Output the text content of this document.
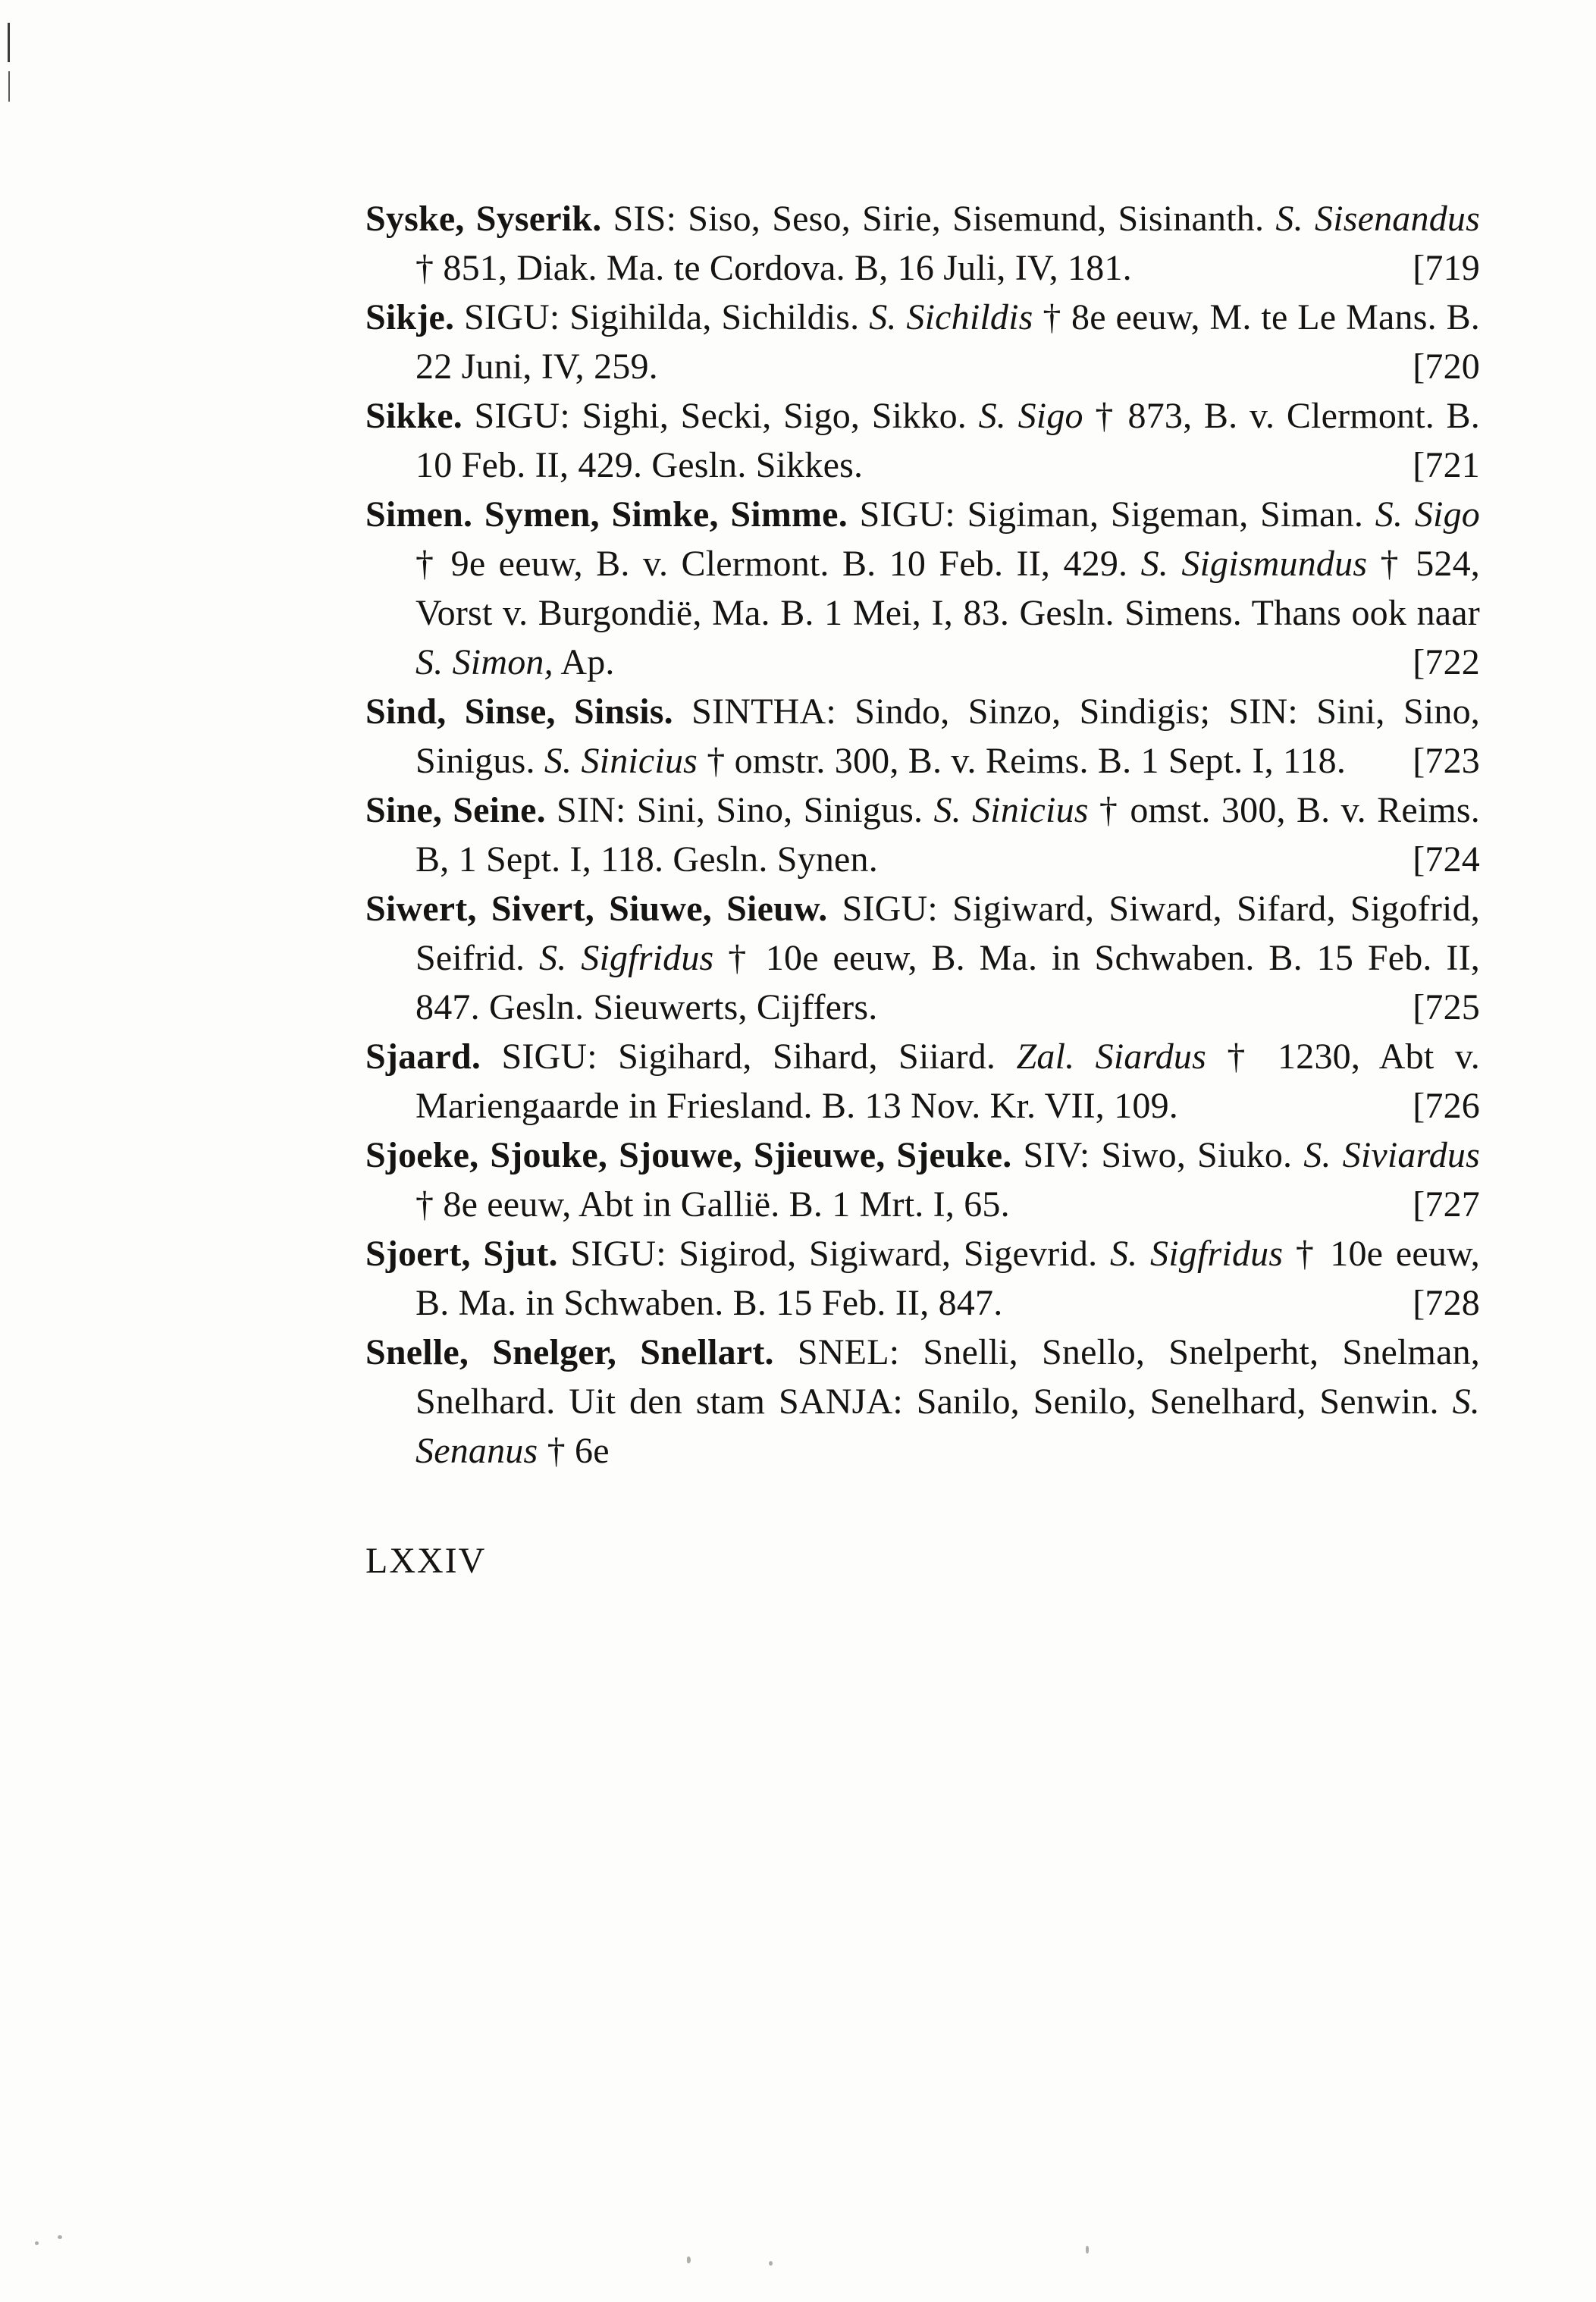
Syske, Syserik. SIS: Siso, Seso, Sirie, Sisemund, Sisinanth. S. Sisenandus † 851, Diak. Ma. te Cordova. B, 16 Juli, IV, 181.	[719

Sikje. SIGU: Sigihilda, Sichildis. S. Sichildis † 8e eeuw, M. te Le Mans. B. 22 Juni, IV, 259.	[720

Sikke. SIGU: Sighi, Secki, Sigo, Sikko. S. Sigo † 873, B. v. Clermont. B. 10 Feb. II, 429. Gesln. Sikkes.	[721

Simen. Symen, Simke, Simme. SIGU: Sigiman, Sigeman, Siman. S. Sigo † 9e eeuw, B. v. Clermont. B. 10 Feb. II, 429. S. Sigismundus † 524, Vorst v. Burgondië, Ma. B. 1 Mei, I, 83. Gesln. Simens. Thans ook naar S. Simon, Ap.	[722

Sind, Sinse, Sinsis. SINTHA: Sindo, Sinzo, Sindigis; SIN: Sini, Sino, Sinigus. S. Sinicius † omstr. 300, B. v. Reims. B. 1 Sept. I, 118. [723

Sine, Seine. SIN: Sini, Sino, Sinigus. S. Sinicius † omst. 300, B. v. Reims. B, 1 Sept. I, 118. Gesln. Synen.	[724

Siwert, Sivert, Siuwe, Sieuw. SIGU: Sigiward, Siward, Sifard, Sigofrid, Seifrid. S. Sigfridus † 10e eeuw, B. Ma. in Schwaben. B. 15 Feb. II, 847. Gesln. Sieuwerts, Cijffers.	[725

Sjaard. SIGU: Sigihard, Sihard, Siiard. Zal. Siardus † 1230, Abt v. Mariengaarde in Friesland. B. 13 Nov. Kr. VII, 109.	[726

Sjoeke, Sjouke, Sjouwe, Sjieuwe, Sjeuke. SIV: Siwo, Siuko. S. Siviardus † 8e eeuw, Abt in Gallië. B. 1 Mrt. I, 65.	[727

Sjoert, Sjut. SIGU: Sigirod, Sigiward, Sigevrid. S. Sigfridus † 10e eeuw, B. Ma. in Schwaben. B. 15 Feb. II, 847.	[728

Snelle, Snelger, Snellart. SNEL: Snelli, Snello, Snelperht, Snelman, Snelhard. Uit den stam SANJA: Sanilo, Senilo, Senelhard, Senwin. S. Senanus † 6e

LXXIV
